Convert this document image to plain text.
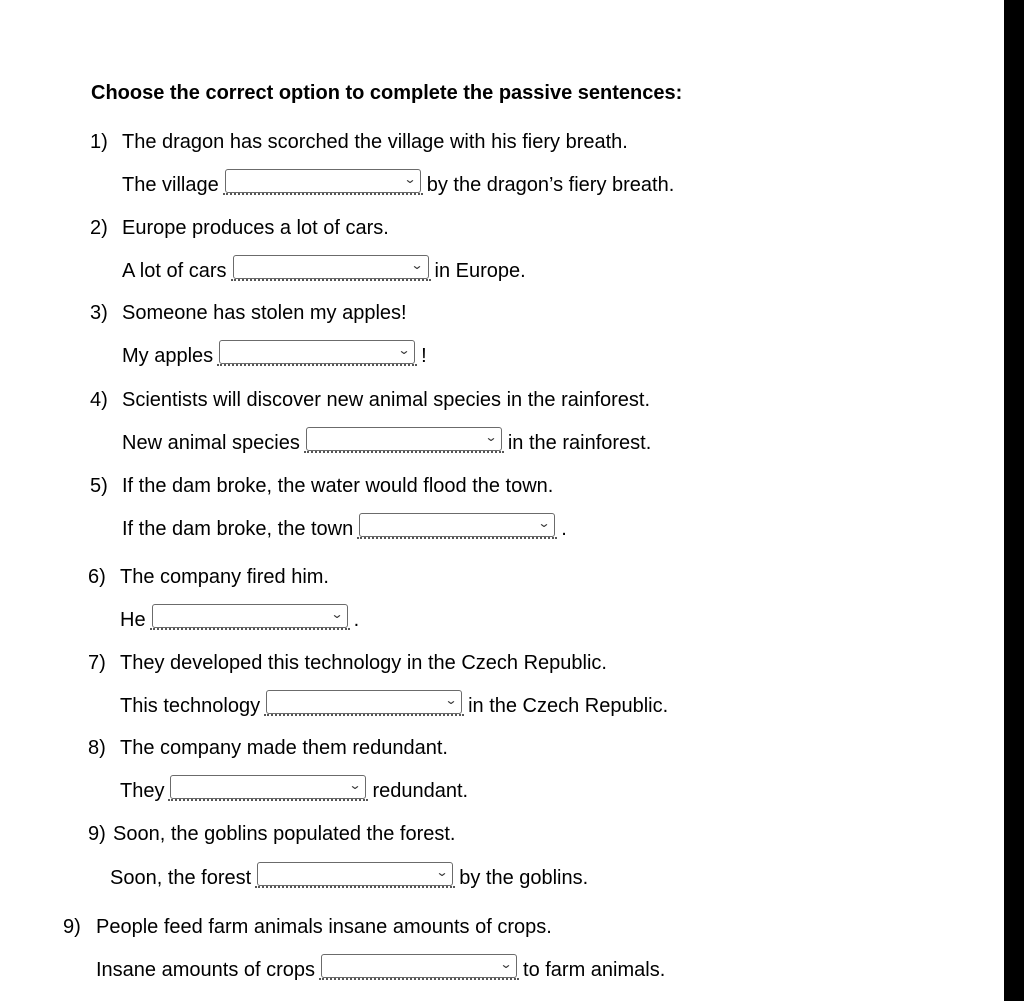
Choose the correct option to complete the passive sentences:
1) The dragon has scorched the village with his fiery breath.
The village	⌄ by the dragon’s fiery breath.
2) Europe produces a lot of cars.
A lot of cars	⌄ in Europe.
3) Someone has stolen my apples!
My apples	⌄ !
4) Scientists will discover new animal species in the rainforest.
New animal species	⌄ in the rainforest.
5) If the dam broke, the water would flood the town.
If the dam broke, the town	⌄ .
6) The company fired him.
He	⌄ .
7) They developed this technology in the Czech Republic.
This technology	⌄ in the Czech Republic.
8) The company made them redundant.
They	⌄ redundant.
9) Soon, the goblins populated the forest.
Soon, the forest	⌄ by the goblins.
9) People feed farm animals insane amounts of crops.
Insane amounts of crops	⌄ to farm animals.
